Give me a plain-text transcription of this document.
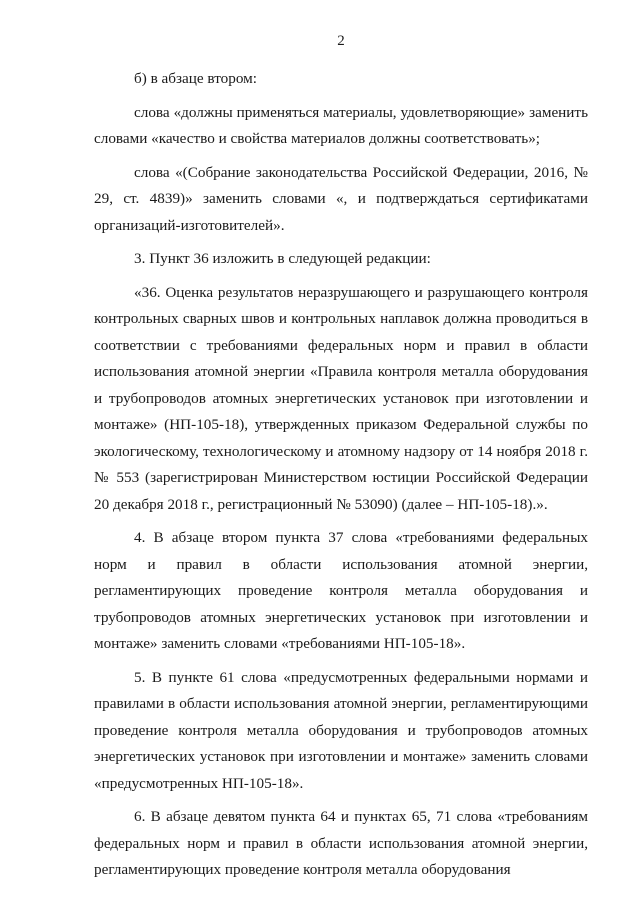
2

б) в абзаце втором:

слова «должны применяться материалы, удовлетворяющие» заменить словами «качество и свойства материалов должны соответствовать»;

слова «(Собрание законодательства Российской Федерации, 2016, № 29, ст. 4839)» заменить словами «, и подтверждаться сертификатами организаций-изготовителей».

3. Пункт 36 изложить в следующей редакции:

«36. Оценка результатов неразрушающего и разрушающего контроля контрольных сварных швов и контрольных наплавок должна проводиться в соответствии с требованиями федеральных норм и правил в области использования атомной энергии «Правила контроля металла оборудования и трубопроводов атомных энергетических установок при изготовлении и монтаже» (НП-105-18), утвержденных приказом Федеральной службы по экологическому, технологическому и атомному надзору от 14 ноября 2018 г. № 553 (зарегистрирован Министерством юстиции Российской Федерации 20 декабря 2018 г., регистрационный № 53090) (далее – НП-105-18).».

4. В абзаце втором пункта 37 слова «требованиями федеральных норм и правил в области использования атомной энергии, регламентирующих проведение контроля металла оборудования и трубопроводов атомных энергетических установок при изготовлении и монтаже» заменить словами «требованиями НП-105-18».

5. В пункте 61 слова «предусмотренных федеральными нормами и правилами в области использования атомной энергии, регламентирующими проведение контроля металла оборудования и трубопроводов атомных энергетических установок при изготовлении и монтаже» заменить словами «предусмотренных НП-105-18».

6. В абзаце девятом пункта 64 и пунктах 65, 71 слова «требованиям федеральных норм и правил в области использования атомной энергии, регламентирующих проведение контроля металла оборудования
